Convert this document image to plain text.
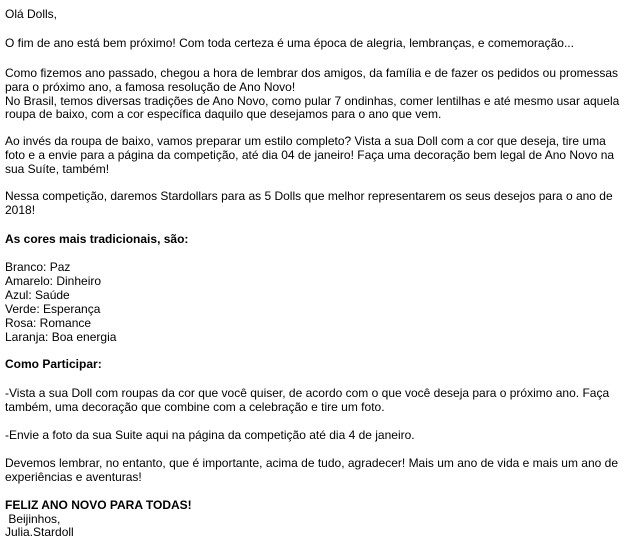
Olá Dolls,

O fim de ano está bem próximo! Com toda certeza é uma época de alegria, lembranças, e comemoração...

Como fizemos ano passado, chegou a hora de lembrar dos amigos, da família e de fazer os pedidos ou promessas

para o próximo ano, a famosa resolução de Ano Novo!

No Brasil, temos diversas tradições de Ano Novo, como pular 7 ondinhas, comer lentilhas e até mesmo usar aquela

roupa de baixo, com a cor específica daquilo que desejamos para o ano que vem.

Ao invés da roupa de baixo, vamos preparar um estilo completo? Vista a sua Doll com a cor que deseja, tire uma

foto e a envie para a página da competição, até dia 04 de janeiro! Faça uma decoração bem legal de Ano Novo na

sua Suíte, também!

Nessa competição, daremos Stardollars para as 5 Dolls que melhor representarem os seus desejos para o ano de

2018!

As cores mais tradicionais, são:

Branco: Paz

Amarelo: Dinheiro

Azul: Saúde

Verde: Esperança

Rosa: Romance

Laranja: Boa energia

Como Participar:

-Vista a sua Doll com roupas da cor que você quiser, de acordo com o que você deseja para o próximo ano. Faça

também, uma decoração que combine com a celebração e tire um foto.

-Envie a foto da sua Suite aqui na página da competição até dia 4 de janeiro.

Devemos lembrar, no entanto, que é importante, acima de tudo, agradecer! Mais um ano de vida e mais um ano de

experiências e aventuras!

FELIZ ANO NOVO PARA TODAS!

Beijinhos,

Julia.Stardoll
